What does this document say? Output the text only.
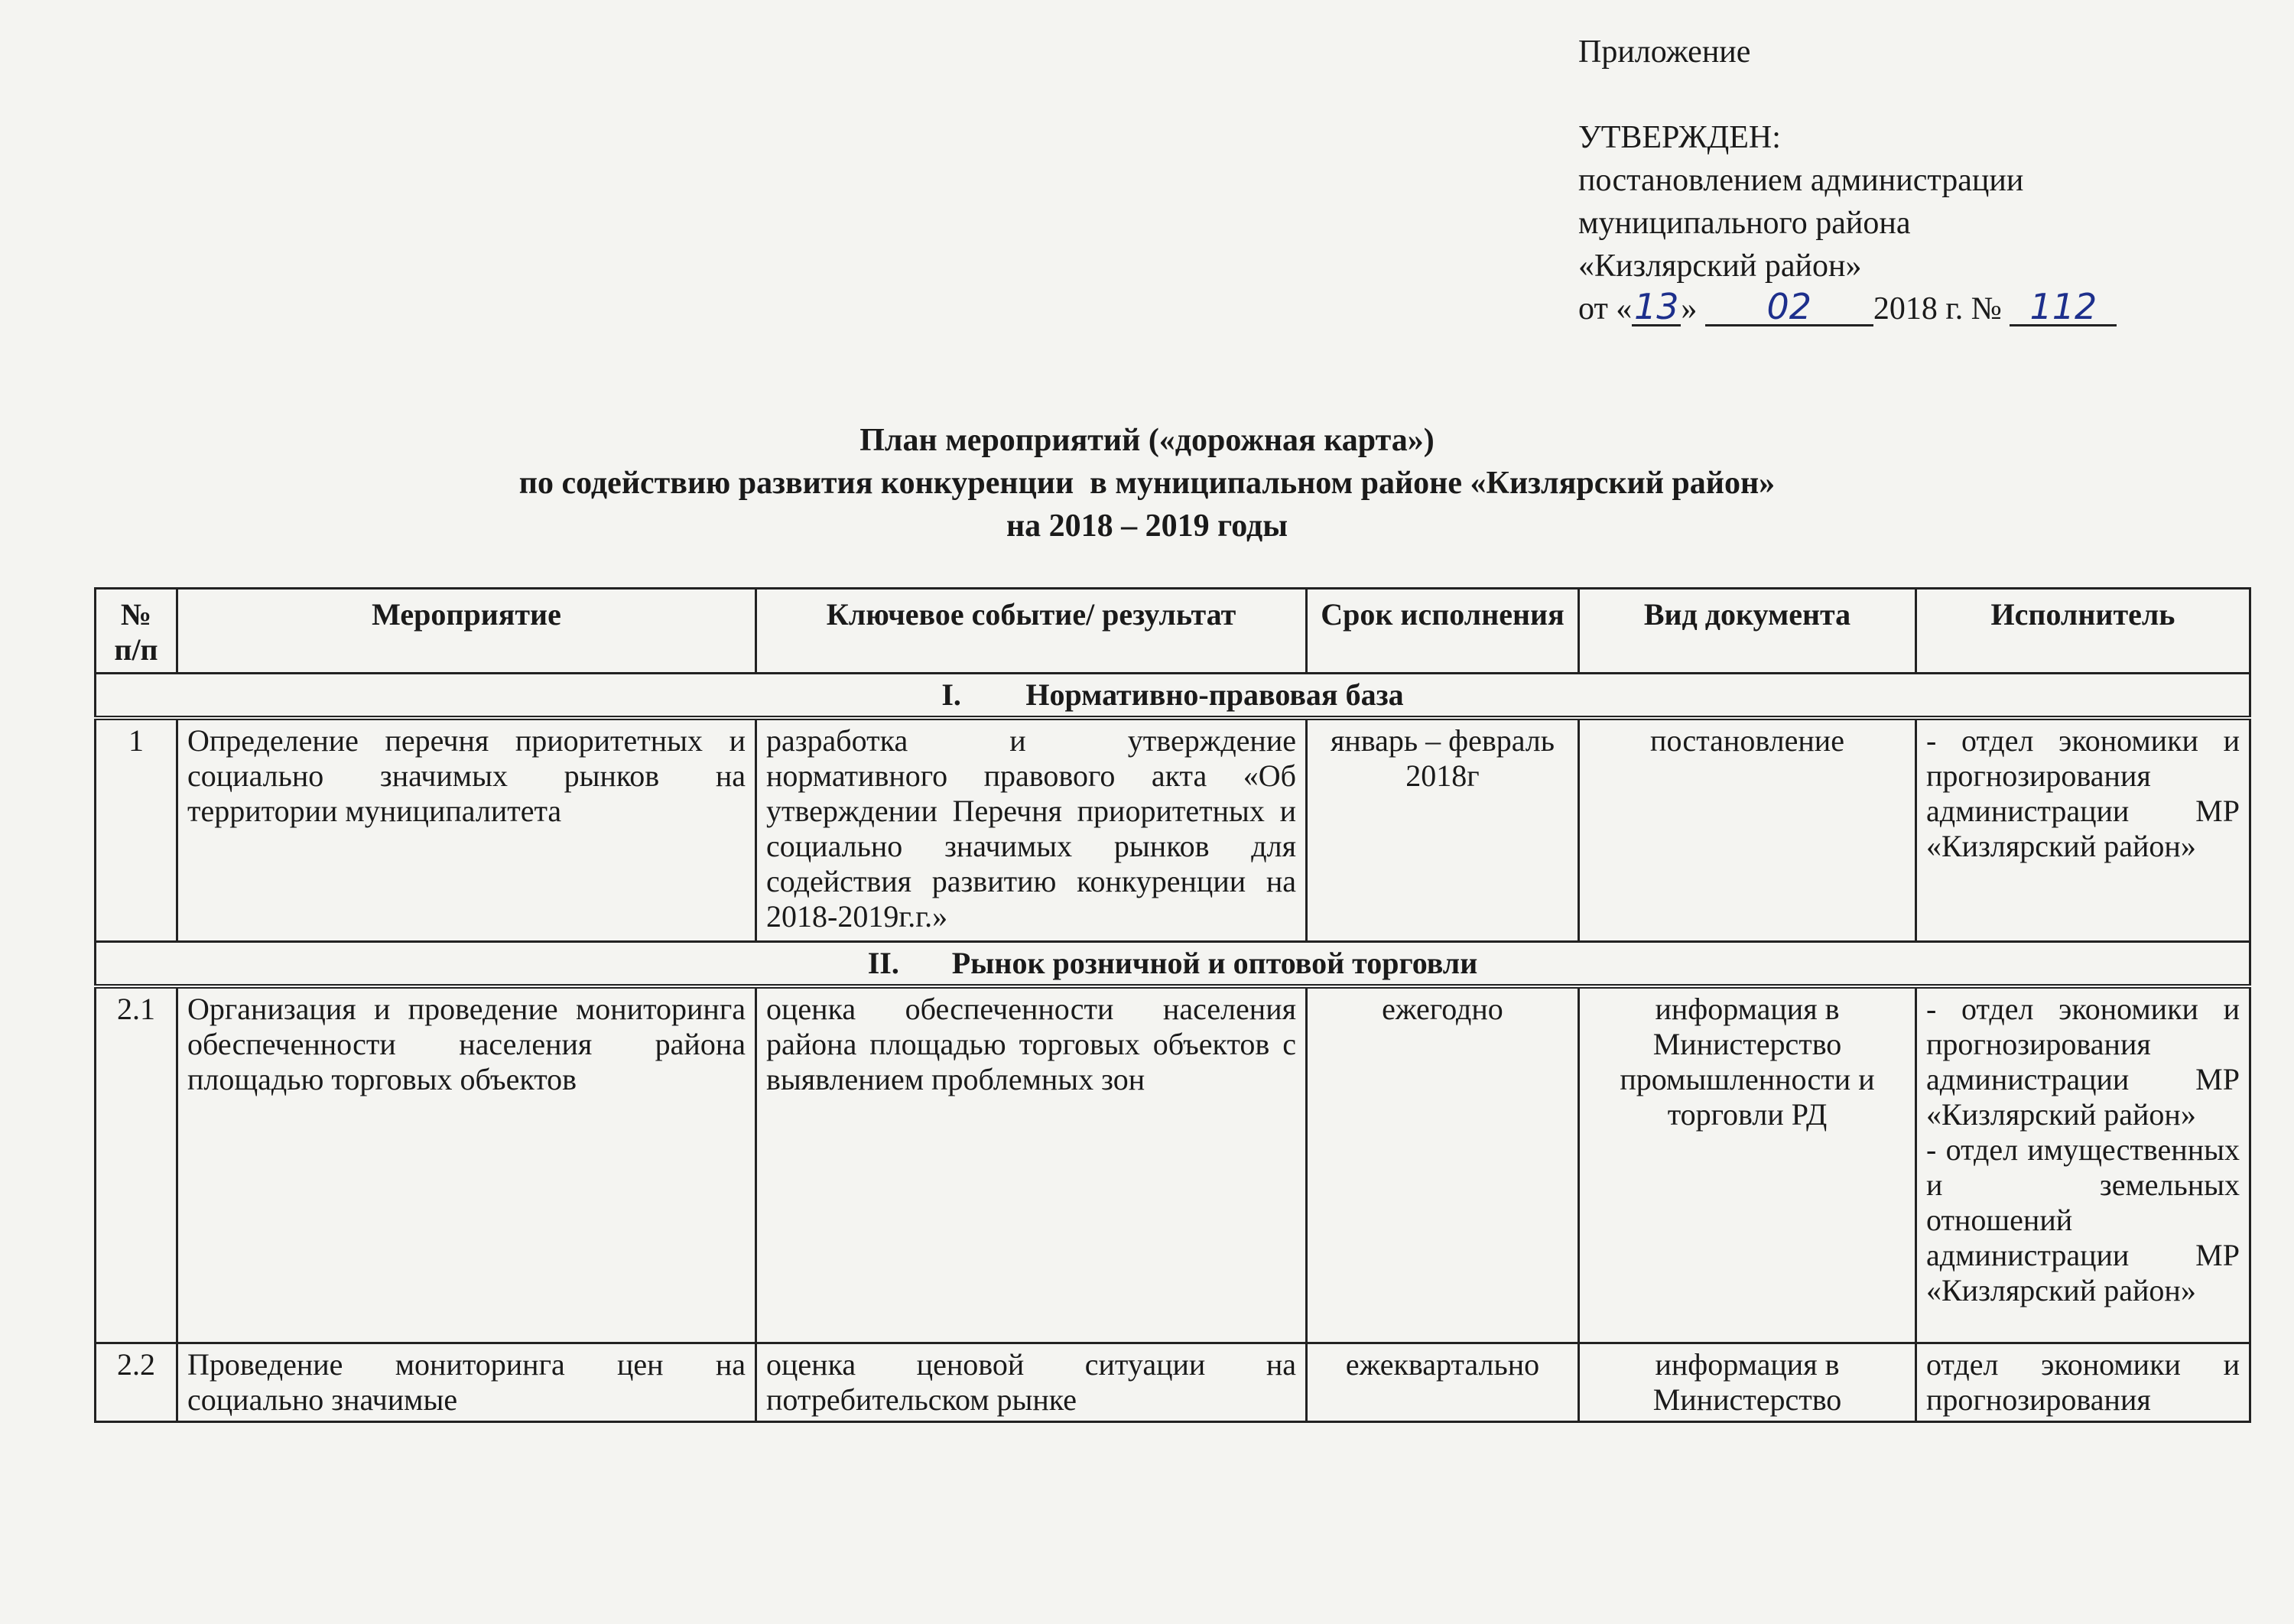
Приложение
УТВЕРЖДЕН:
постановлением администрации
муниципального района
«Кизлярский район»
от «13» 02 2018 г. № 112
План мероприятий («дорожная карта»)
по содействию развития конкуренции  в муниципальном районе «Кизлярский район»
на 2018 – 2019 годы
№ п/п	Мероприятие	Ключевое событие/ результат	Срок исполнения	Вид документа	Исполнитель
I. Нормативно-правовая база					
1	Определение перечня приоритетных и социально значимых рынков на территории муниципалитета	разработка и утверждение нормативного правового акта «Об утверждении Перечня приоритетных и социально значимых рынков для содействия развитию конкуренции на 2018-2019г.г.»	январь – февраль 2018г	постановление	- отдел экономики и прогнозирования администрации МР «Кизлярский район»
II. Рынок розничной и оптовой торговли					
2.1	Организация и проведение мониторинга обеспеченности населения района площадью торговых объектов	оценка обеспеченности населения района площадью торговых объектов с выявлением проблемных зон	ежегодно	информация в Министерство промышленности и торговли РД	- отдел экономики и прогнозирования администрации МР «Кизлярский район»
- отдел имущественных и земельных отношений администрации МР «Кизлярский район»

2.2	Проведение мониторинга цен на социально значимые	оценка ценовой ситуации на потребительском рынке	ежеквартально	информация в Министерство	отдел экономики и прогнозирования
